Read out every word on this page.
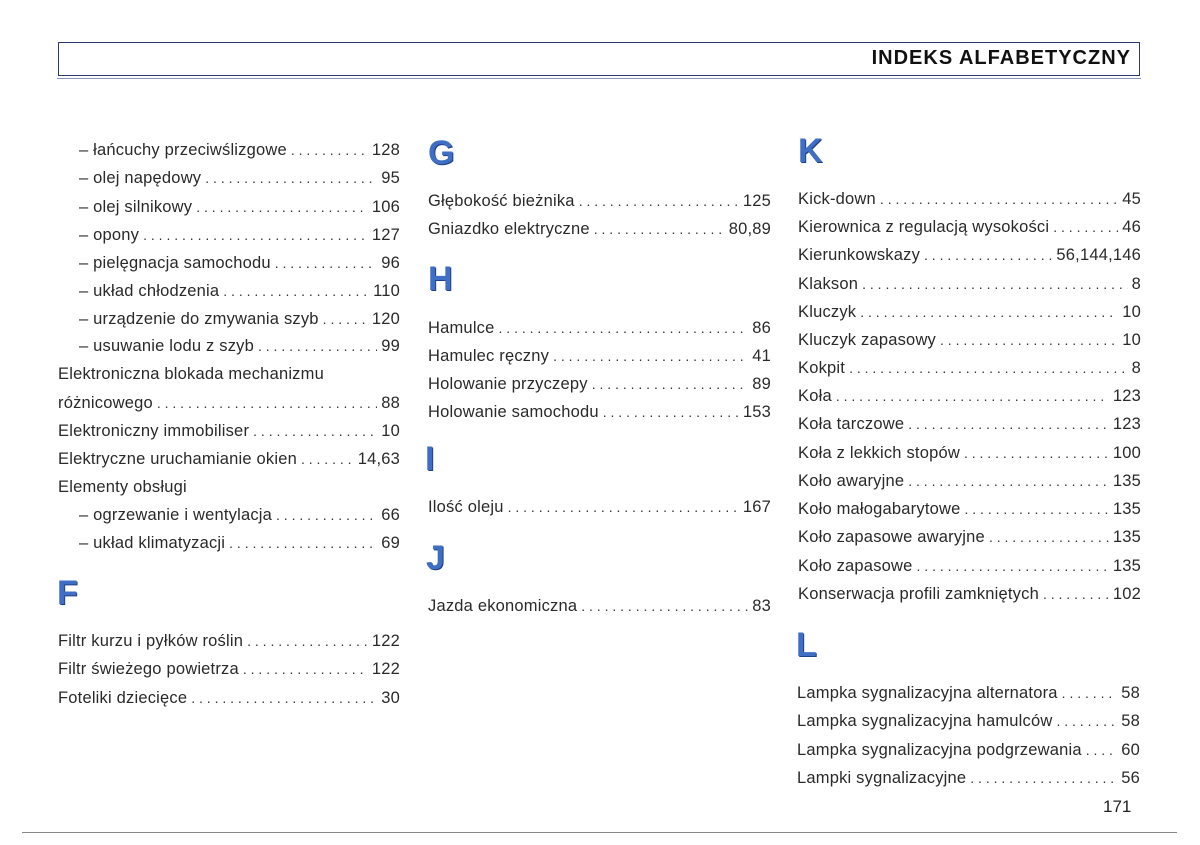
INDEKS ALFABETYCZNY
– łańcuchy przeciwślizgowe . . .	128
– olej napędowy . . .	95
– olej silnikowy . . .	106
– opony . . .	127
– pielęgnacja samochodu . . .	96
– układ chłodzenia . . .	110
– urządzenie do zmywania szyb . . .	120
– usuwanie lodu z szyb . . .	99
Elektroniczna blokada mechanizmu
różnicowego . . .	88
Elektroniczny immobiliser . . .	10
Elektryczne uruchamianie okien . . .	14,63
Elementy obsługi
– ogrzewanie i wentylacja . . .	66
– układ klimatyzacji . . .	69
F
Filtr kurzu i pyłków roślin . . .	122
Filtr świeżego powietrza . . .	122
Foteliki dziecięce . . .	30
G
Głębokość bieżnika . . .	125
Gniazdko elektryczne . . .	80,89
H
Hamulce . . .	86
Hamulec ręczny . . .	41
Holowanie przyczepy . . .	89
Holowanie samochodu . . .	153
I
Ilość oleju . . .	167
J
Jazda ekonomiczna . . .	83
K
Kick-down . . .	45
Kierownica z regulacją wysokości . . .	46
Kierunkowskazy . . .	56,144,146
Klakson . . .	8
Kluczyk . . .	10
Kluczyk zapasowy . . .	10
Kokpit . . .	8
Koła . . .	123
Koła tarczowe . . .	123
Koła z lekkich stopów . . .	100
Koło awaryjne . . .	135
Koło małogabarytowe . . .	135
Koło zapasowe awaryjne . . .	135
Koło zapasowe . . .	135
Konserwacja profili zamkniętych . . .	102
L
Lampka sygnalizacyjna alternatora . . .	58
Lampka sygnalizacyjna hamulców . . .	58
Lampka sygnalizacyjna podgrzewania . . . 60
Lampki sygnalizacyjne . . .	56
171
